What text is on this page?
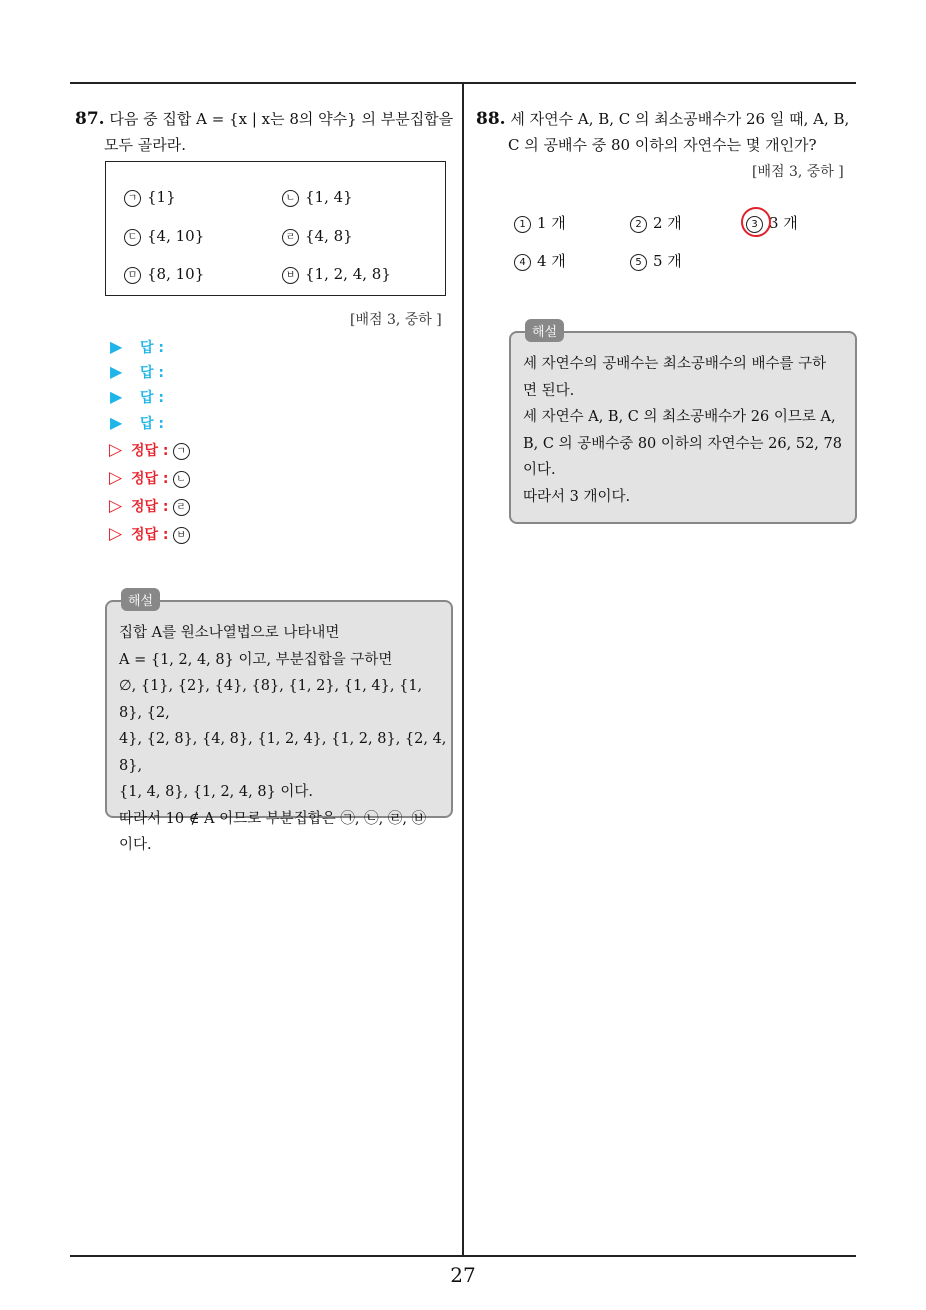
87. 다음 중 집합 A = {x | x는 8의 약수} 의 부분집합을
모두 골라라.
ㄱ {1}	ㄴ {1, 4}
ㄷ {4, 10}	ㄹ {4, 8}
ㅁ {8, 10}	ㅂ {1, 2, 4, 8}
[배점 3, 중하 ]
▶ 답 :
▶ 답 :
▶ 답 :
▶ 답 :
▷ 정답 : ㄱ
▷ 정답 : ㄴ
▷ 정답 : ㄹ
▷ 정답 : ㅂ
해설
집합 A를 원소나열법으로 나타내면
A = {1, 2, 4, 8} 이고, 부분집합을 구하면
∅, {1}, {2}, {4}, {8}, {1, 2}, {1, 4}, {1, 8}, {2,
4}, {2, 8}, {4, 8}, {1, 2, 4}, {1, 2, 8}, {2, 4, 8},
{1, 4, 8}, {1, 2, 4, 8} 이다.
따라서 10 ∉ A 이므로 부분집합은 ㉠, ㉡, ㉣, ㉥
이다.
88. 세 자연수 A, B, C 의 최소공배수가 26 일 때, A, B,
C 의 공배수 중 80 이하의 자연수는 몇 개인가?
[배점 3, 중하 ]
1 1 개	2 2 개	3 3 개
4 4 개	5 5 개
해설
세 자연수의 공배수는 최소공배수의 배수를 구하
면 된다.
세 자연수 A, B, C 의 최소공배수가 26 이므로 A,
B, C 의 공배수중 80 이하의 자연수는 26, 52, 78
이다.
따라서 3 개이다.
27
